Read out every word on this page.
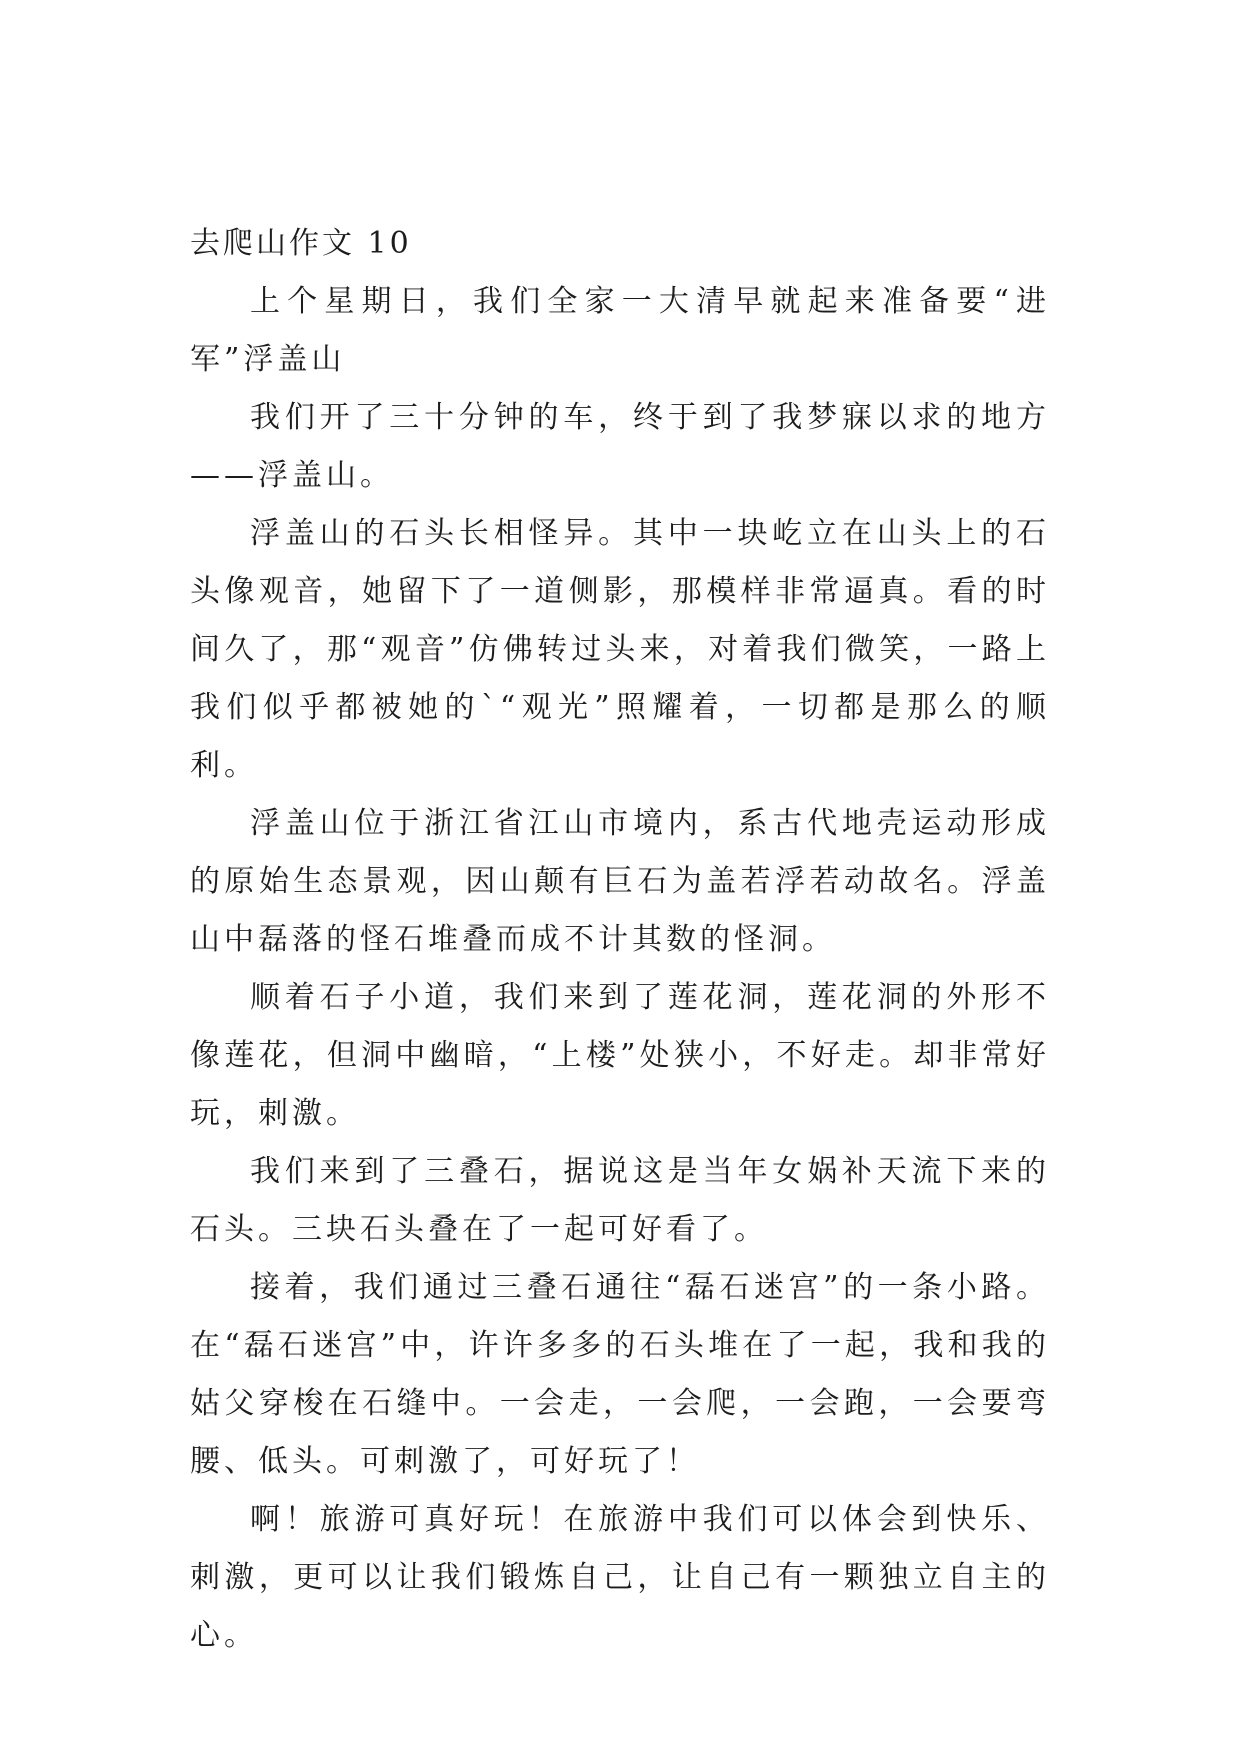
去爬山作文 10

上个星期日，我们全家一大清早就起来准备要“进军”浮盖山

我们开了三十分钟的车，终于到了我梦寐以求的地方——浮盖山。

浮盖山的石头长相怪异。其中一块屹立在山头上的石头像观音，她留下了一道侧影，那模样非常逼真。看的时间久了，那“观音”仿佛转过头来，对着我们微笑，一路上我们似乎都被她的`“观光”照耀着，一切都是那么的顺利。

浮盖山位于浙江省江山市境内，系古代地壳运动形成的原始生态景观，因山颠有巨石为盖若浮若动故名。浮盖山中磊落的怪石堆叠而成不计其数的怪洞。

顺着石子小道，我们来到了莲花洞，莲花洞的外形不像莲花，但洞中幽暗，“上楼”处狭小，不好走。却非常好玩，刺激。

我们来到了三叠石，据说这是当年女娲补天流下来的石头。三块石头叠在了一起可好看了。

接着，我们通过三叠石通往“磊石迷宫”的一条小路。在“磊石迷宫”中，许许多多的石头堆在了一起，我和我的姑父穿梭在石缝中。一会走，一会爬，一会跑，一会要弯腰、低头。可刺激了，可好玩了！

啊！旅游可真好玩！在旅游中我们可以体会到快乐、刺激，更可以让我们锻炼自己，让自己有一颗独立自主的心。
